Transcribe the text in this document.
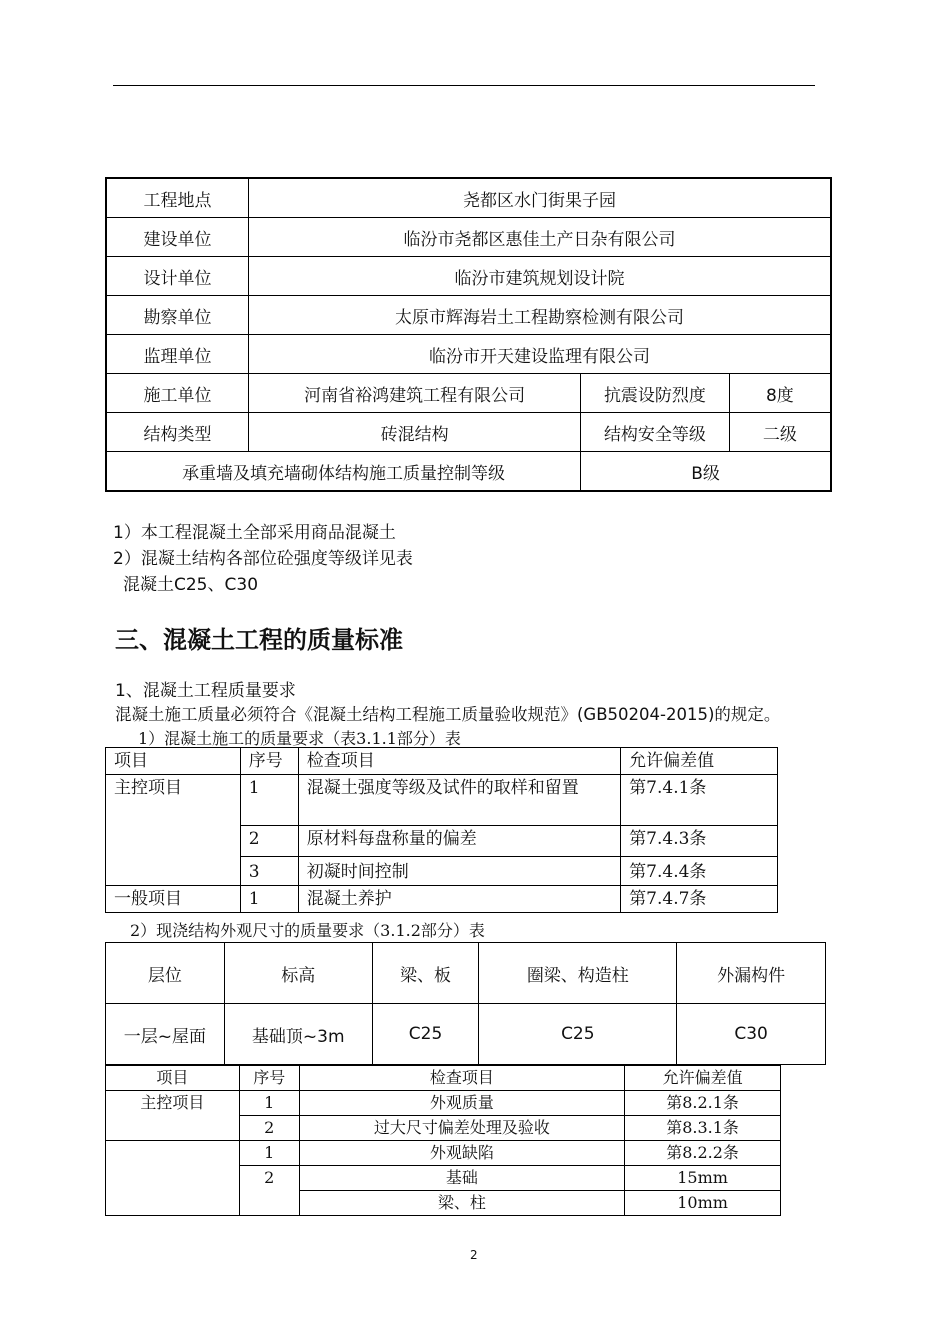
工程地点	尧都区水门街果子园		
建设单位	临汾市尧都区惠佳土产日杂有限公司		
设计单位	临汾市建筑规划设计院		
勘察单位	太原市辉海岩土工程勘察检测有限公司		
监理单位	临汾市开天建设监理有限公司		
施工单位	河南省裕鸿建筑工程有限公司	抗震设防烈度	8度
结构类型	砖混结构	结构安全等级	二级
承重墙及填充墙砌体结构施工质量控制等级		B级	
1）本工程混凝土全部采用商品混凝土
2）混凝土结构各部位砼强度等级详见表
混凝土C25、C30
三、混凝土工程的质量标准
1、混凝土工程质量要求
混凝土施工质量必须符合《混凝土结构工程施工质量验收规范》(GB50204-2015)的规定。
1）混凝土施工的质量要求（表3.1.1部分）表
项目	序号	检查项目	允许偏差值
主控项目	1	混凝土强度等级及试件的取样和留置	第7.4.1条
	2	原材料每盘称量的偏差	第7.4.3条
	3	初凝时间控制	第7.4.4条
一般项目	1	混凝土养护	第7.4.7条
2）现浇结构外观尺寸的质量要求（3.1.2部分）表
层位	标高	梁、板	圈梁、构造柱	外漏构件
一层~屋面	基础顶~3m	C25	C25	C30
项目	序号	检查项目	允许偏差值
主控项目	1	外观质量	第8.2.1条
	2	过大尺寸偏差处理及验收	第8.3.1条
	1	外观缺陷	第8.2.2条
	2	基础	15mm
		梁、柱	10mm
2
